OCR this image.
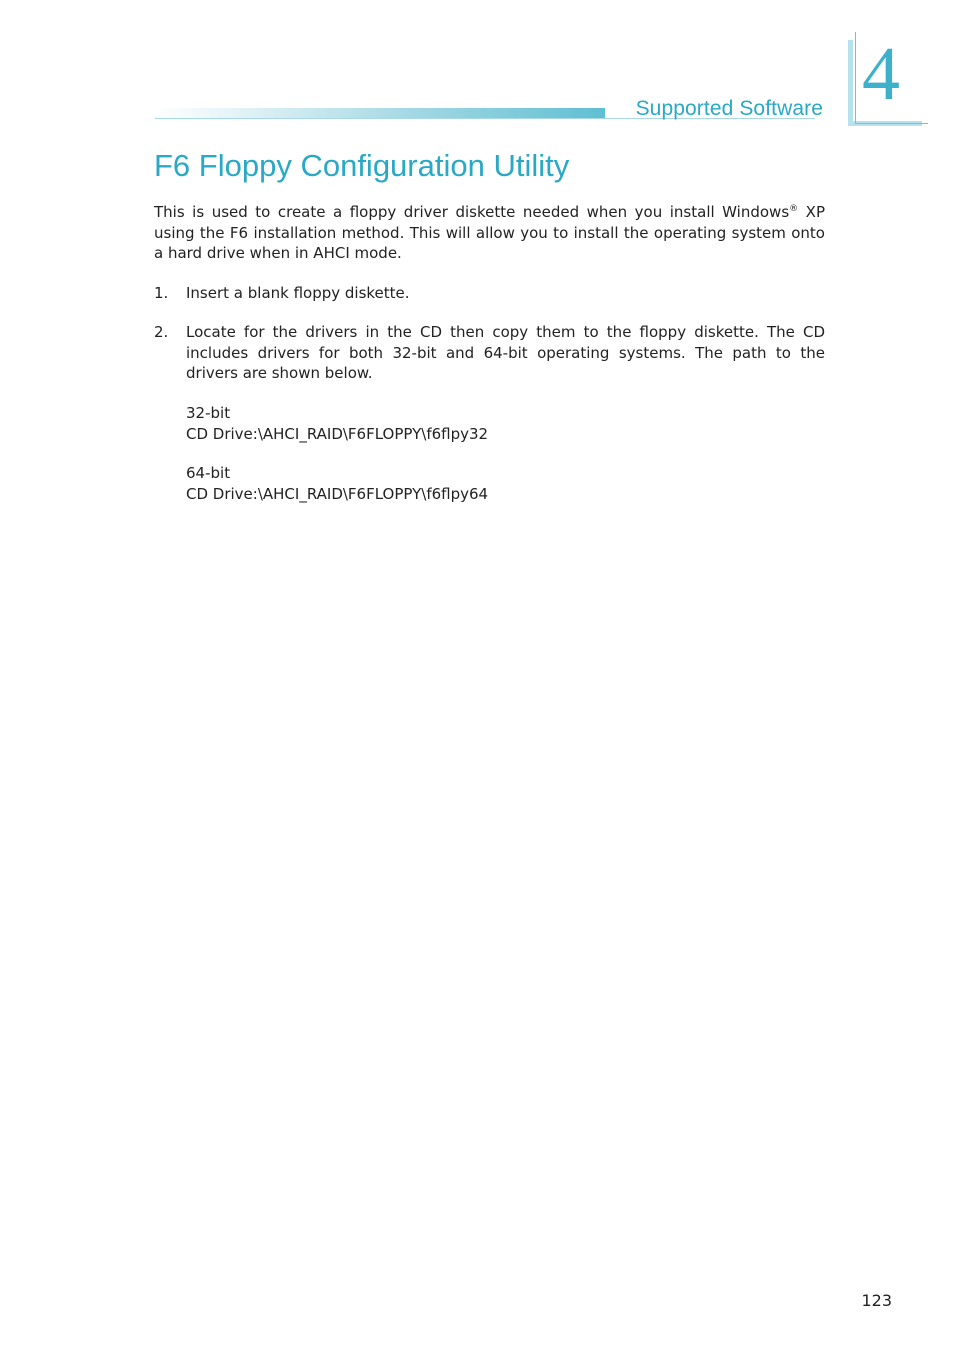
Supported Software 4
F6 Floppy Configuration Utility

This is used to create a floppy driver diskette needed when you install Windows® XP using the F6 installation method. This will allow you to install the operating system onto a hard drive when in AHCI mode.

1. Insert a blank floppy diskette.
2. Locate for the drivers in the CD then copy them to the floppy diskette. The CD includes drivers for both 32-bit and 64-bit operating systems. The path to the drivers are shown below.
32-bit
CD Drive:\AHCI_RAID\F6FLOPPY\f6flpy32
64-bit
CD Drive:\AHCI_RAID\F6FLOPPY\f6flpy64
123
